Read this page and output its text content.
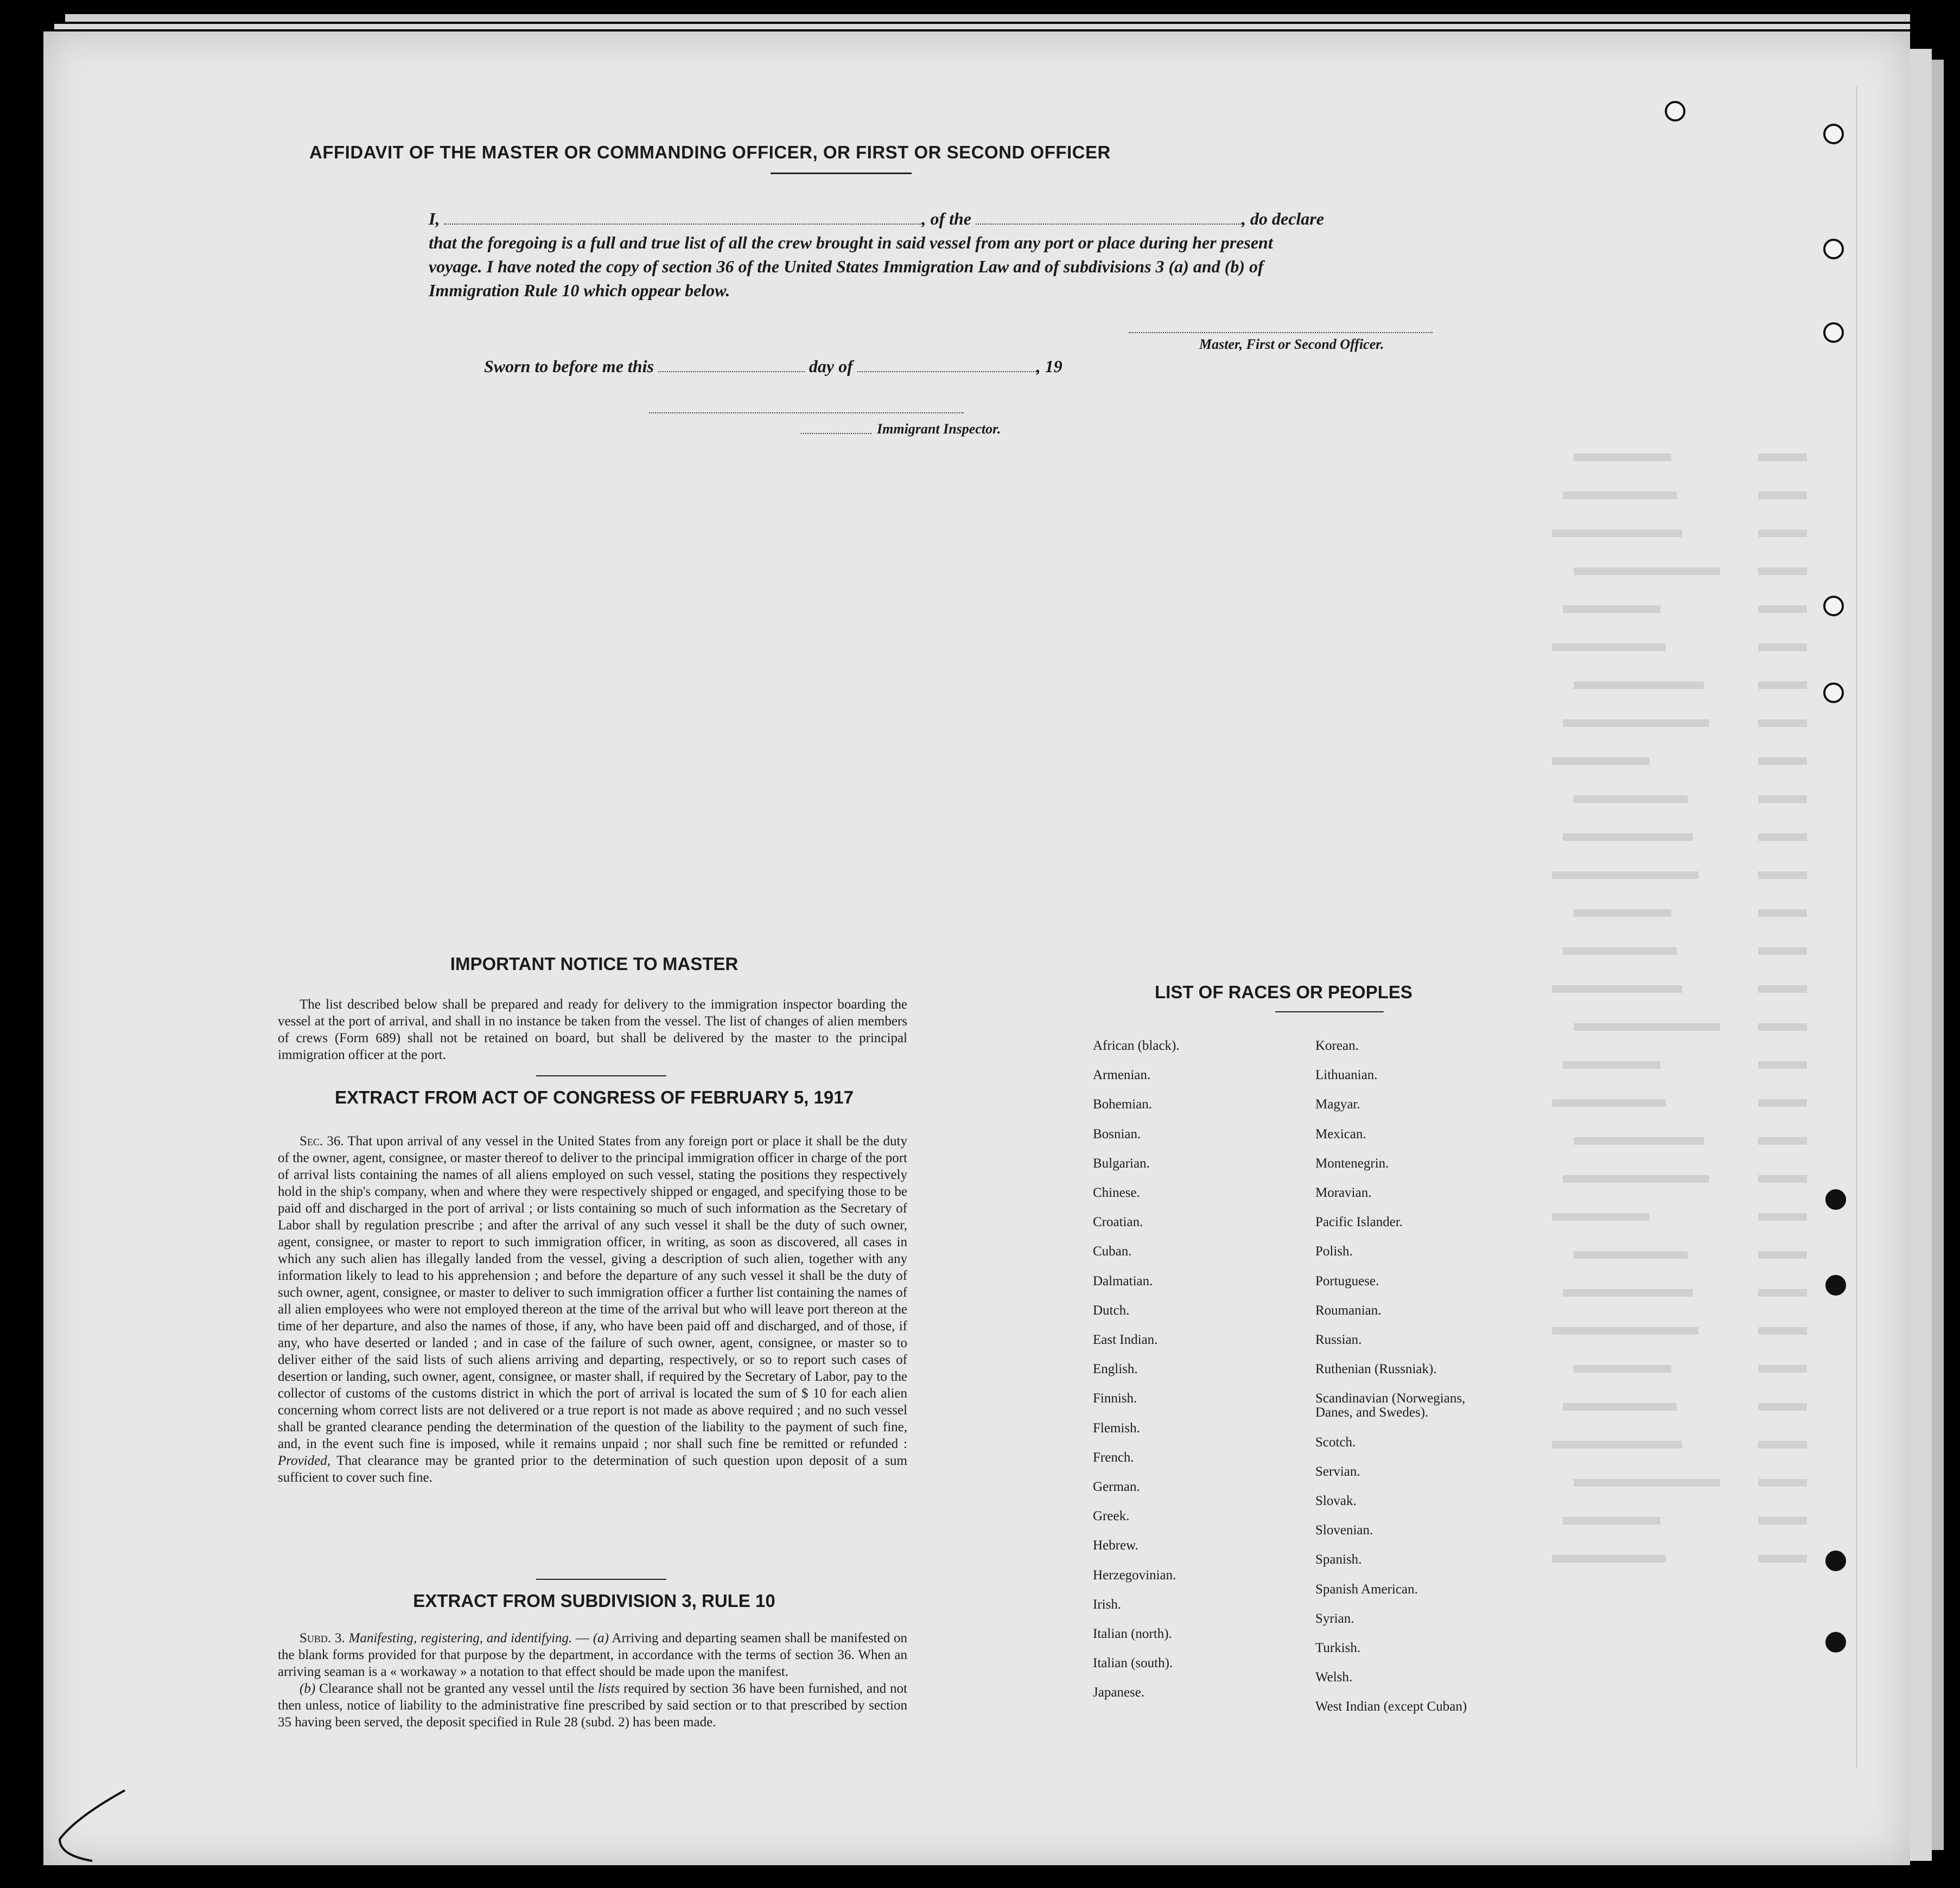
AFFIDAVIT OF THE MASTER OR COMMANDING OFFICER, OR FIRST OR SECOND OFFICER
I,	, of the	, do declare
that the foregoing is a full and true list of all the crew brought in said vessel from any port or place during her present
voyage. I have noted the copy of section 36 of the United States Immigration Law and of subdivisions 3 (a) and (b) of
Immigration Rule 10 which oppear below.
Master, First or Second Officer.
Sworn to before me this	day of	, 19
Immigrant Inspector.
IMPORTANT NOTICE TO MASTER
The list described below shall be prepared and ready for delivery to the immigration inspector boarding the vessel at the port of arrival, and shall in no instance be taken from the vessel. The list of changes of alien members of crews (Form 689) shall not be retained on board, but shall be delivered by the master to the principal immigration officer at the port.
EXTRACT FROM ACT OF CONGRESS OF FEBRUARY 5, 1917
Sec. 36. That upon arrival of any vessel in the United States from any foreign port or place it shall be the duty of the owner, agent, consignee, or master thereof to deliver to the principal immigration officer in charge of the port of arrival lists containing the names of all aliens employed on such vessel, stating the positions they respectively hold in the ship's company, when and where they were respectively shipped or engaged, and specifying those to be paid off and discharged in the port of arrival ; or lists containing so much of such information as the Secretary of Labor shall by regulation prescribe ; and after the arrival of any such vessel it shall be the duty of such owner, agent, consignee, or master to report to such immigration officer, in writing, as soon as discovered, all cases in which any such alien has illegally landed from the vessel, giving a description of such alien, together with any information likely to lead to his apprehension ; and before the departure of any such vessel it shall be the duty of such owner, agent, consignee, or master to deliver to such immigration officer a further list containing the names of all alien employees who were not employed thereon at the time of the arrival but who will leave port thereon at the time of her departure, and also the names of those, if any, who have been paid off and discharged, and of those, if any, who have deserted or landed ; and in case of the failure of such owner, agent, consignee, or master so to deliver either of the said lists of such aliens arriving and departing, respectively, or so to report such cases of desertion or landing, such owner, agent, consignee, or master shall, if required by the Secretary of Labor, pay to the collector of customs of the customs district in which the port of arrival is located the sum of $ 10 for each alien concerning whom correct lists are not delivered or a true report is not made as above required ; and no such vessel shall be granted clearance pending the determination of the question of the liability to the payment of such fine, and, in the event such fine is imposed, while it remains unpaid ; nor shall such fine be remitted or refunded : Provided, That clearance may be granted prior to the determination of such question upon deposit of a sum sufficient to cover such fine.
EXTRACT FROM SUBDIVISION 3, RULE 10
Subd. 3. Manifesting, registering, and identifying. — (a) Arriving and departing seamen shall be manifested on the blank forms provided for that purpose by the department, in accordance with the terms of section 36. When an arriving seaman is a « workaway » a notation to that effect should be made upon the manifest.
(b) Clearance shall not be granted any vessel until the lists required by section 36 have been furnished, and not then unless, notice of liability to the administrative fine prescribed by said section or to that prescribed by section 35 having been served, the deposit specified in Rule 28 (subd. 2) has been made.
LIST OF RACES OR PEOPLES
African (black).
Armenian.
Bohemian.
Bosnian.
Bulgarian.
Chinese.
Croatian.
Cuban.
Dalmatian.
Dutch.
East Indian.
English.
Finnish.
Flemish.
French.
German.
Greek.
Hebrew.
Herzegovinian.
Irish.
Italian (north).
Italian (south).
Japanese.
Korean.
Lithuanian.
Magyar.
Mexican.
Montenegrin.
Moravian.
Pacific Islander.
Polish.
Portuguese.
Roumanian.
Russian.
Ruthenian (Russniak).
Scandinavian (Norwegians,
Danes, and Swedes).
Scotch.
Servian.
Slovak.
Slovenian.
Spanish.
Spanish American.
Syrian.
Turkish.
Welsh.
West Indian (except Cuban)
